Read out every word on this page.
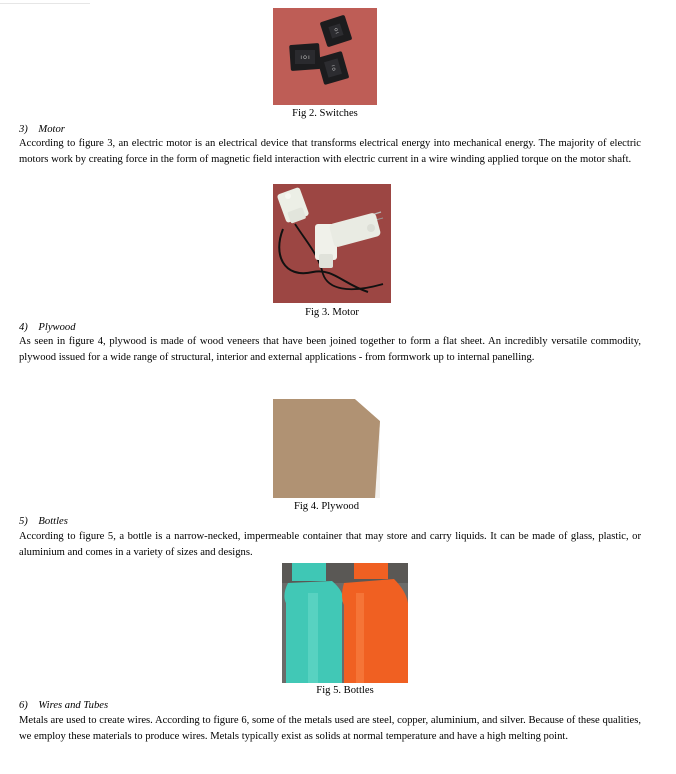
I O
I O I
O I
Fig 2. Switches
3) Motor
According to figure 3, an electric motor is an electrical device that transforms electrical energy into mechanical energy. The majority of electric motors work by creating force in the form of magnetic field interaction with electric current in a wire winding applied torque on the motor shaft.
Fig 3. Motor
4) Plywood
As seen in figure 4, plywood is made of wood veneers that have been joined together to form a flat sheet. An incredibly versatile commodity, plywood issued for a wide range of structural, interior and external applications - from formwork up to internal panelling.
Fig 4. Plywood
5) Bottles
According to figure 5, a bottle is a narrow-necked, impermeable container that may store and carry liquids. It can be made of glass, plastic, or aluminium and comes in a variety of sizes and designs.
Fig 5. Bottles
6) Wires and Tubes
Metals are used to create wires. According to figure 6, some of the metals used are steel, copper, aluminium, and silver. Because of these qualities, we employ these materials to produce wires. Metals typically exist as solids at normal temperature and have a high melting point.
